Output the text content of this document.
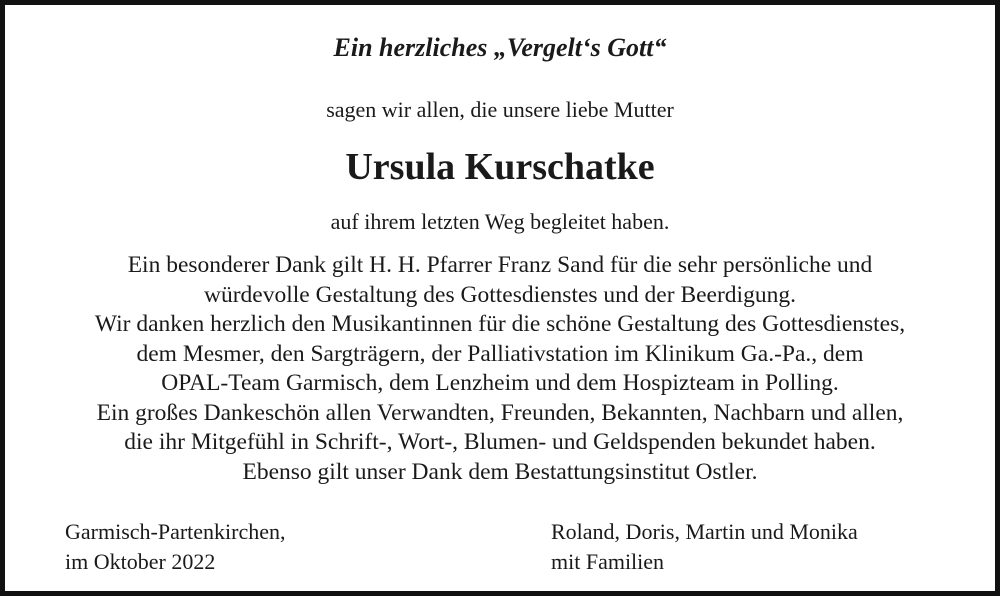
Ein herzliches „Vergelt‘s Gott“
sagen wir allen, die unsere liebe Mutter
Ursula Kurschatke
auf ihrem letzten Weg begleitet haben.
Ein besonderer Dank gilt H. H. Pfarrer Franz Sand für die sehr persönliche und
würdevolle Gestaltung des Gottesdienstes und der Beerdigung.
Wir danken herzlich den Musikantinnen für die schöne Gestaltung des Gottesdienstes,
dem Mesmer, den Sargträgern, der Palliativstation im Klinikum Ga.-Pa., dem
OPAL-Team Garmisch, dem Lenzheim und dem Hospizteam in Polling.
Ein großes Dankeschön allen Verwandten, Freunden, Bekannten, Nachbarn und allen,
die ihr Mitgefühl in Schrift-, Wort-, Blumen- und Geldspenden bekundet haben.
Ebenso gilt unser Dank dem Bestattungsinstitut Ostler.
Garmisch-Partenkirchen,
im Oktober 2022
Roland, Doris, Martin und Monika
mit Familien
